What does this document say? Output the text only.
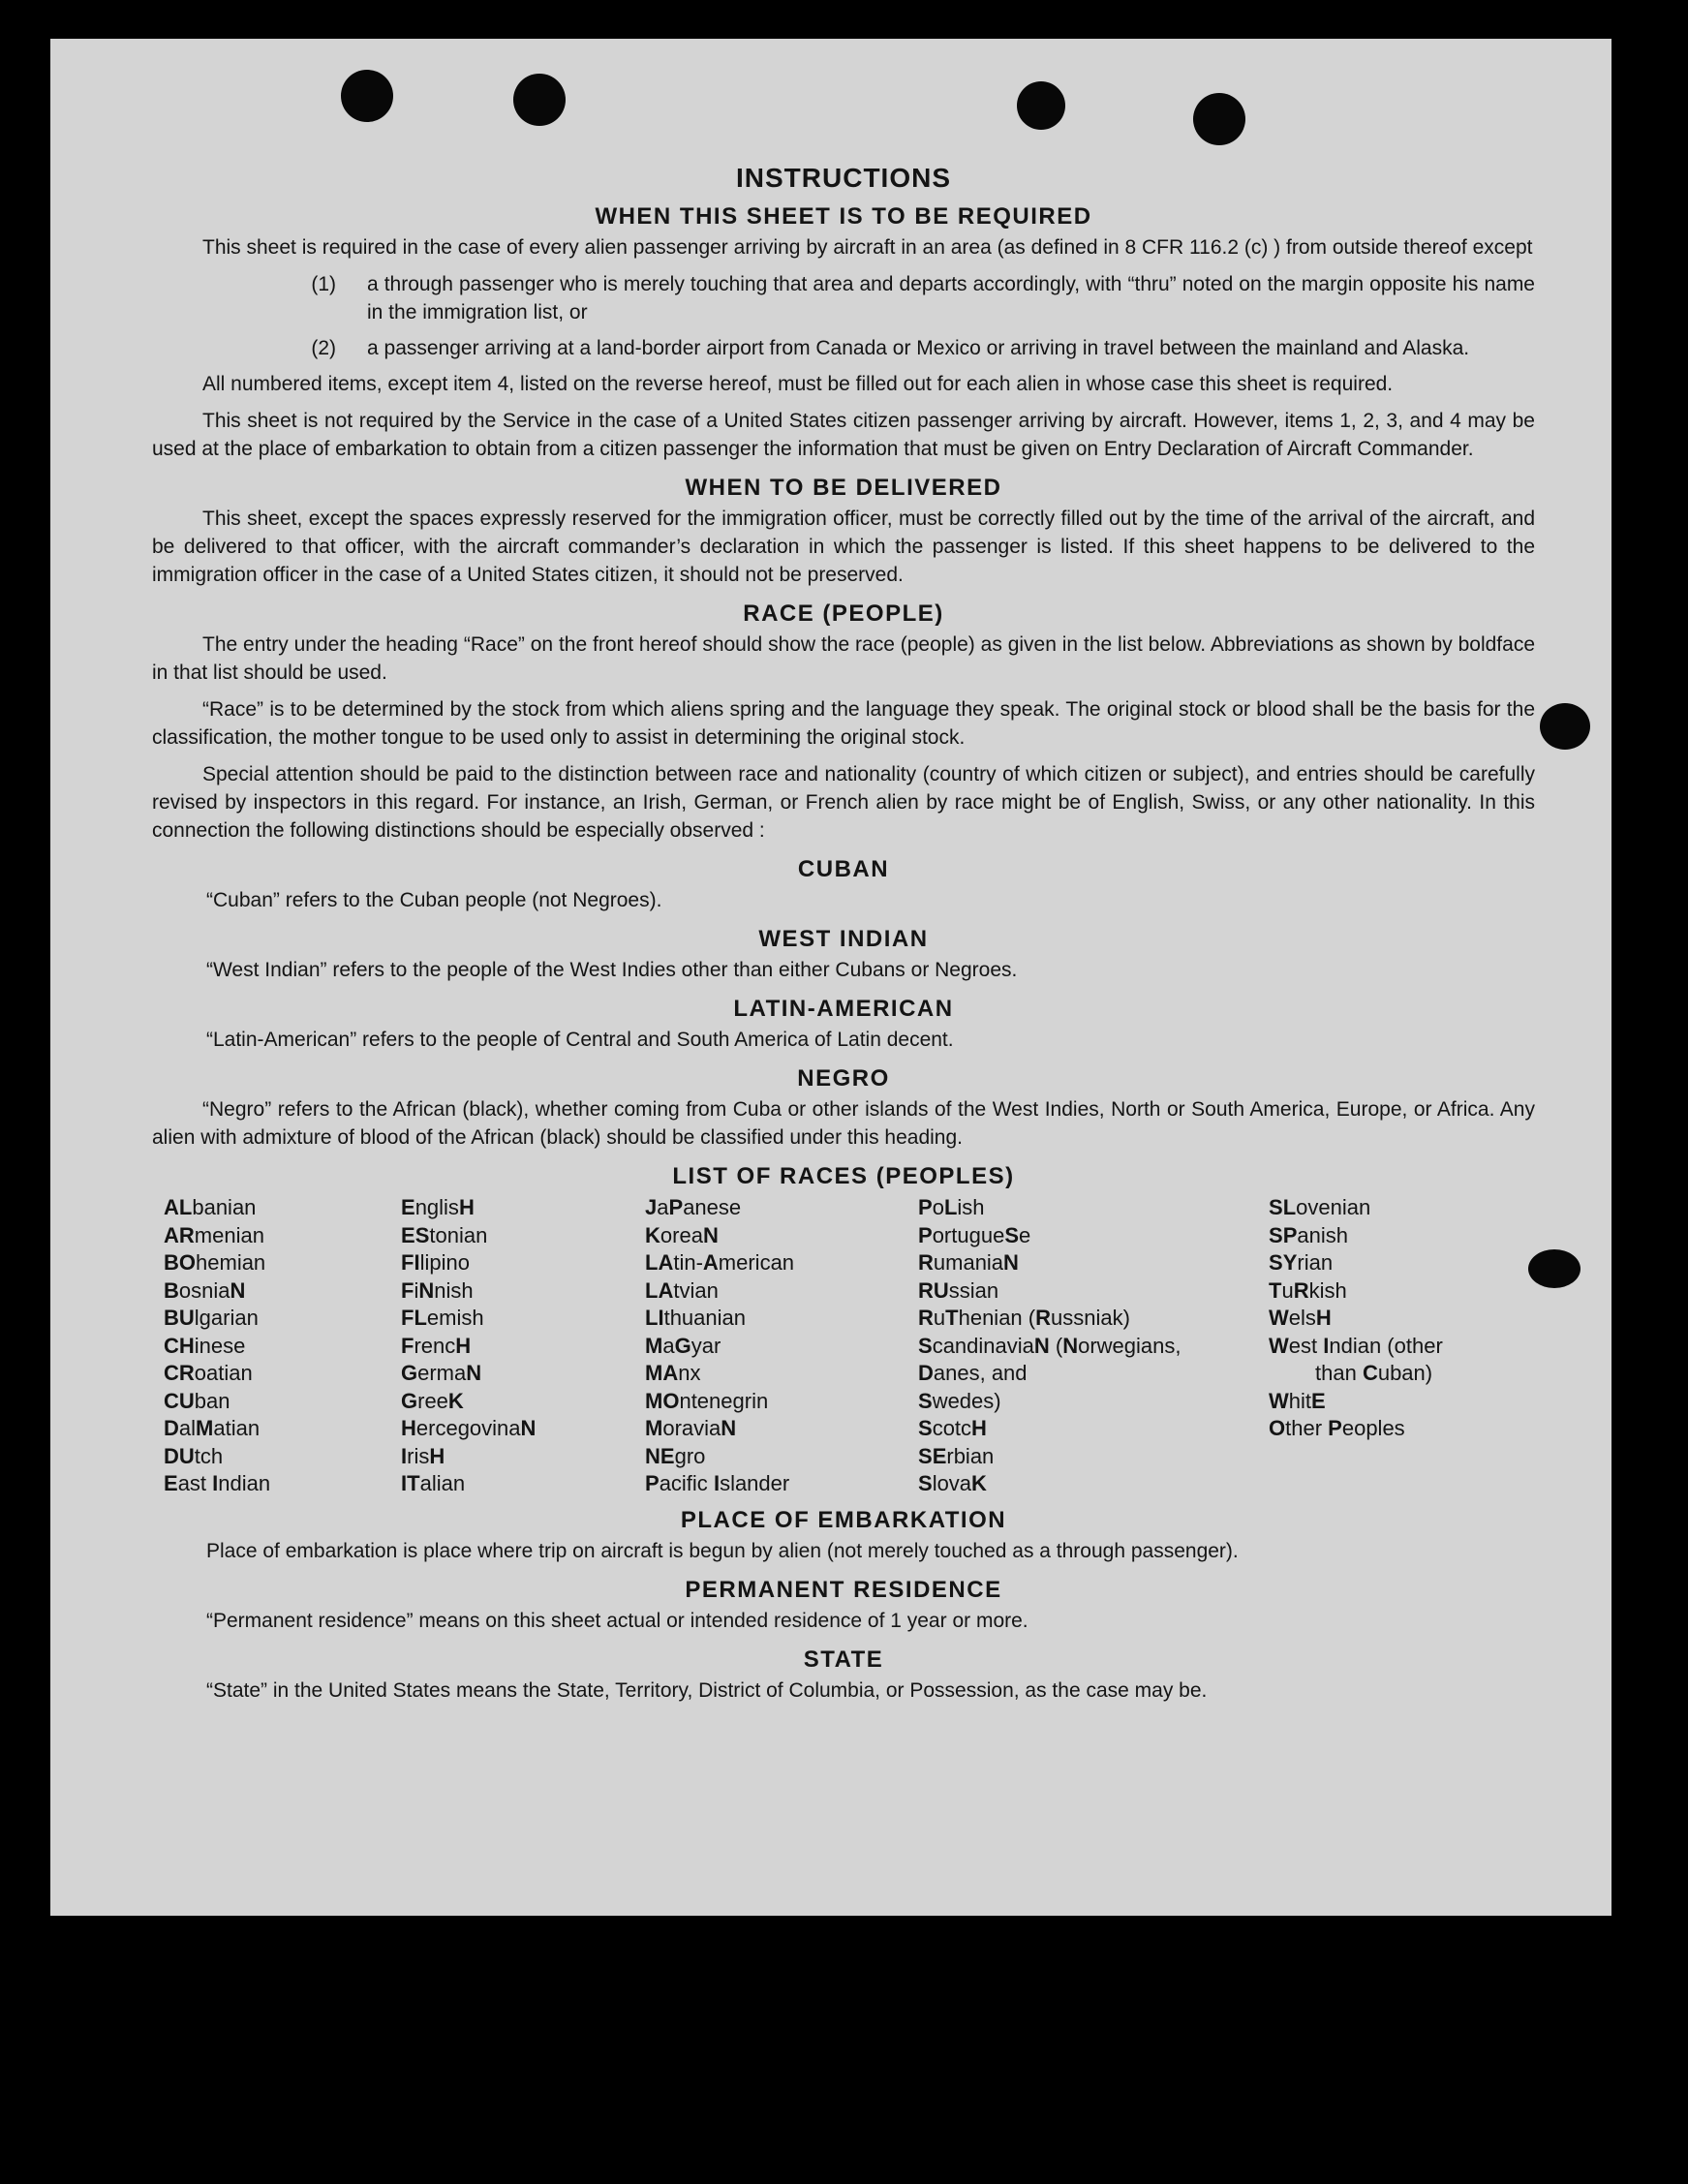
INSTRUCTIONS
WHEN THIS SHEET IS TO BE REQUIRED

This sheet is required in the case of every alien passenger arriving by aircraft in an area (as defined in 8 CFR 116.2 (c) ) from outside thereof except

(1)	a through passenger who is merely touching that area and departs accordingly, with “thru” noted on the margin opposite his name in the immigration list, or
(2)	a passenger arriving at a land-border airport from Canada or Mexico or arriving in travel between the mainland and Alaska.

All numbered items, except item 4, listed on the reverse hereof, must be filled out for each alien in whose case this sheet is required.

This sheet is not required by the Service in the case of a United States citizen passenger arriving by aircraft. However, items 1, 2, 3, and 4 may be used at the place of embarkation to obtain from a citizen passenger the information that must be given on Entry Declaration of Aircraft Commander.

WHEN TO BE DELIVERED

This sheet, except the spaces expressly reserved for the immigration officer, must be correctly filled out by the time of the arrival of the aircraft, and be delivered to that officer, with the aircraft commander’s declaration in which the passenger is listed. If this sheet happens to be delivered to the immigration officer in the case of a United States citizen, it should not be preserved.

RACE (PEOPLE)

The entry under the heading “Race” on the front hereof should show the race (people) as given in the list below. Abbreviations as shown by boldface in that list should be used.

“Race” is to be determined by the stock from which aliens spring and the language they speak. The original stock or blood shall be the basis for the classification, the mother tongue to be used only to assist in determining the original stock.

Special attention should be paid to the distinction between race and nationality (country of which citizen or subject), and entries should be carefully revised by inspectors in this regard. For instance, an Irish, German, or French alien by race might be of English, Swiss, or any other nationality. In this connection the following distinctions should be especially observed :

CUBAN

“Cuban” refers to the Cuban people (not Negroes).

WEST INDIAN

“West Indian” refers to the people of the West Indies other than either Cubans or Negroes.

LATIN-AMERICAN

“Latin-American” refers to the people of Central and South America of Latin decent.

NEGRO

“Negro” refers to the African (black), whether coming from Cuba or other islands of the West Indies, North or South America, Europe, or Africa. Any alien with admixture of blood of the African (black) should be classified under this heading.

LIST OF RACES (PEOPLES)
ALbanian
ARmenian
BOhemian
BosniaN
BUlgarian
CHinese
CRoatian
CUban
DalMatian
DUtch
East Indian
EnglisH
EStonian
FIlipino
FiNnish
FLemish
FrencH
GermaN
GreeK
HercegovinaN
IrisH
ITalian
JaPanese
KoreaN
LAtin-American
LAtvian
LIthuanian
MaGyar
MAnx
MOntenegrin
MoraviaN
NEgro
Pacific Islander
PoLish
PortugueSe
RumaniaN
RUssian
RuThenian (Russniak)
ScandinaviaN (Norwegians,
Danes, and
Swedes)
ScotcH
SErbian
SlovaK
SLovenian
SPanish
SYrian
TuRkish
WelsH
West Indian (other
than Cuban)
WhitE
Other Peoples
PLACE OF EMBARKATION

Place of embarkation is place where trip on aircraft is begun by alien (not merely touched as a through passenger).

PERMANENT RESIDENCE

“Permanent residence” means on this sheet actual or intended residence of 1 year or more.

STATE

“State” in the United States means the State, Territory, District of Columbia, or Possession, as the case may be.
